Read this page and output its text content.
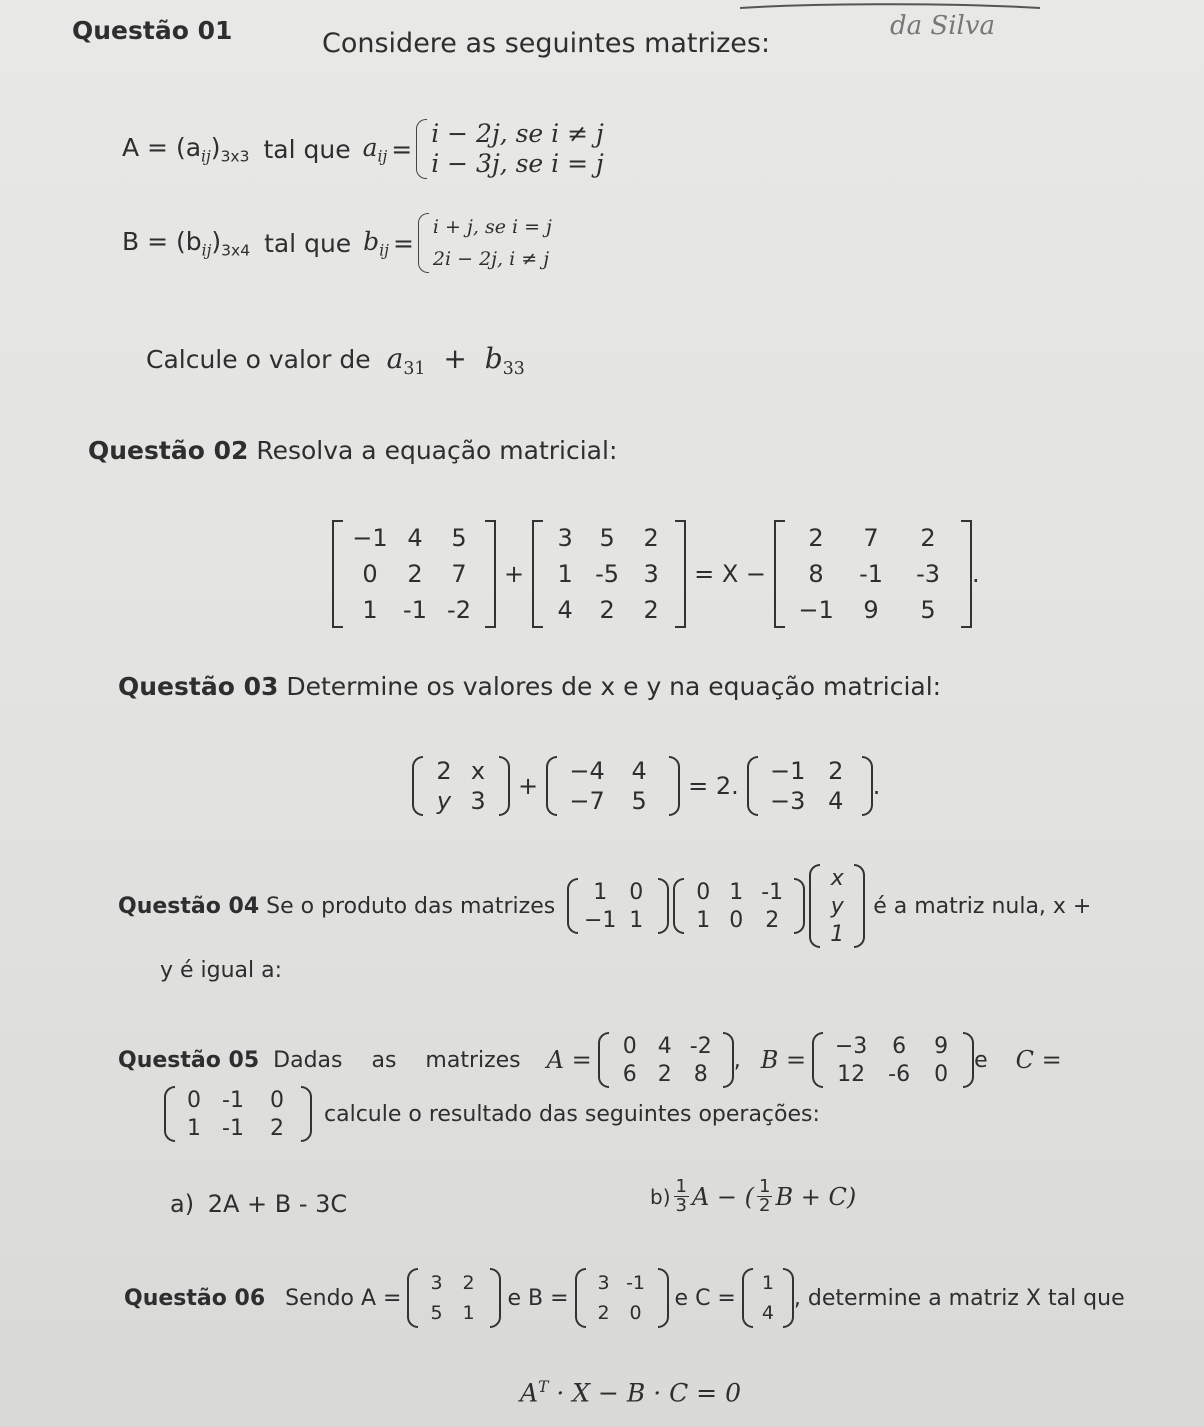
da Silva
Questão 01	Considere as seguintes matrizes:
$A = (a_{ij})_{3x3}$ tal que $a_{ij}$ =
i − 2j, se i ≠ j
i − 3j, se i = j
$B = (b_{ij})_{3x4}$ tal que $b_{ij}$ =
i + j, se i = j
2i − 2j, i ≠ j
Calcule o valor de $a_{31} + b_{33}$
Questão 02 Resolva a equação matricial:
−1 4 5
0 2 7
1 -1 -2
+
3 5 2
1 -5 3
4 2 2
= X −
2 7 2
8 -1 -3
−1 9 5
.
Questão 03 Determine os valores de x e y na equação matricial:
2 x
y 3
+
−4 4
−7 5
= 2.
−1 2
−3 4
.
Questão 04 Se o produto das matrizes
1 0
−1 1
0 1 -1
1 0 2
x
y
1
é a matriz nula, x +
y é igual a:
Questão 05 Dadas as matrizes A = 0 4 -2
6 2 8
, B = −3 6 9
12 -6 0
e C =
0 -1 0
1 -1 2
calcule o resultado das seguintes operações:
a) 2A + B - 3C	$b) \frac{1}{3}$ A − ( $\frac{1}{2}$ B + C)
Questão 06 Sendo A =
3 2
5 1
e B =
3 -1
2 0
e C =
1
4
, determine a matriz X tal que
$A^T \cdot X - B \cdot C = 0$
